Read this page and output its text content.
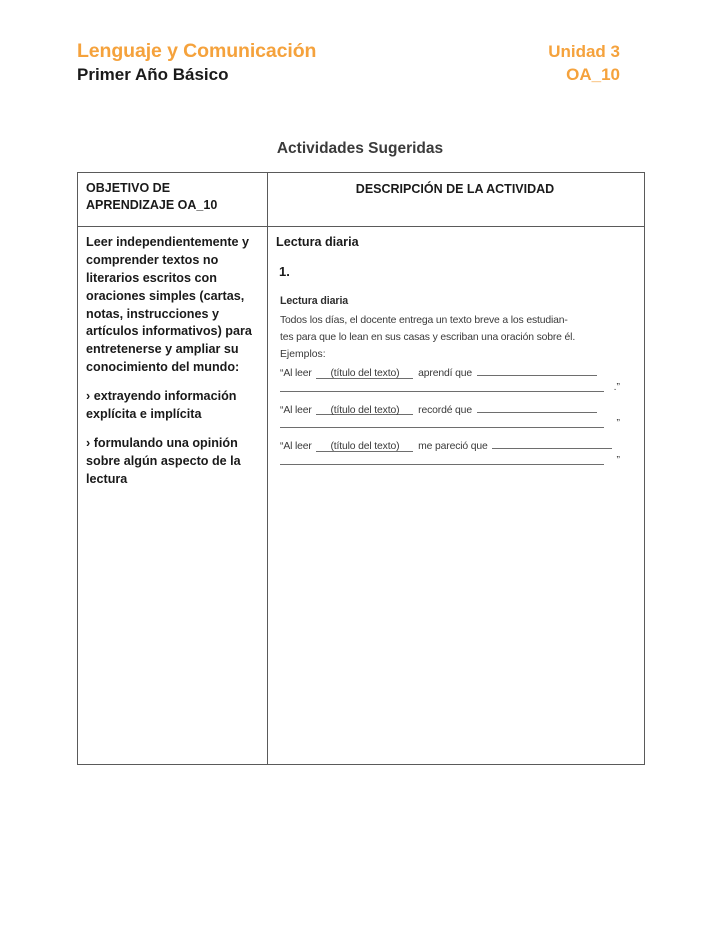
Lenguaje y Comunicación	Unidad 3
Primer Año Básico	OA_10
Actividades Sugeridas
OBJETIVO DE APRENDIZAJE OA_10
DESCRIPCIÓN DE LA ACTIVIDAD

Leer independientemente y comprender textos no literarios escritos con oraciones simples (cartas, notas, instrucciones y artículos informativos) para entretenerse y ampliar su conocimiento del mundo:

› extrayendo información explícita e implícita

› formulando una opinión sobre algún aspecto de la lectura

Lectura diaria

1.

Lectura diaria

Todos los días, el docente entrega un texto breve a los estudian-

tes para que lo lean en sus casas y escriban una oración sobre él.

Ejemplos:

“Al leer (título del texto) aprendí que
.”
“Al leer (título del texto) recordé que
”
“Al leer (título del texto) me pareció que
”
